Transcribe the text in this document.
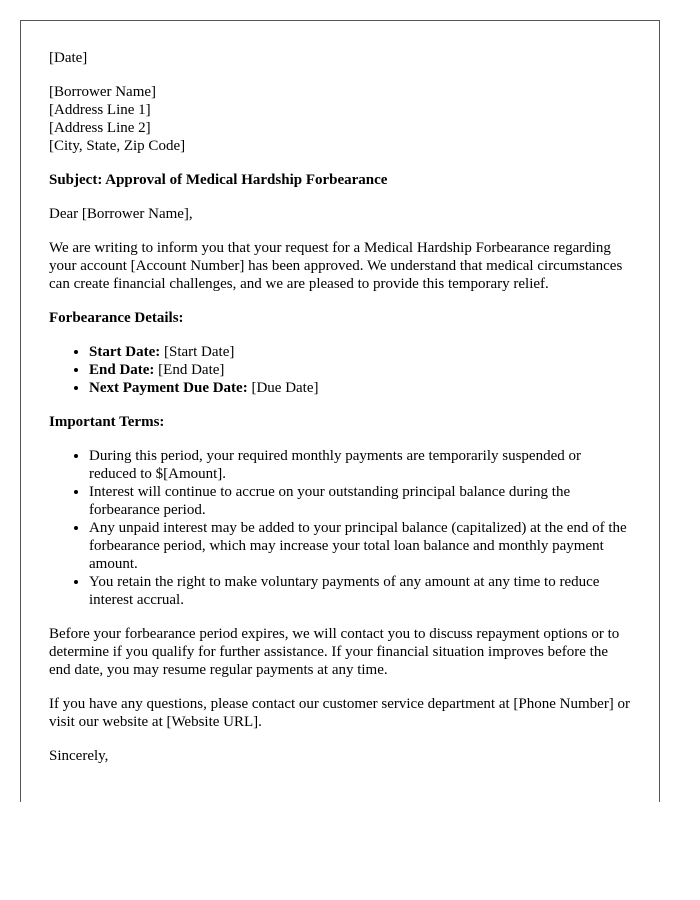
[Date]

[Borrower Name]
[Address Line 1]
[Address Line 2]
[City, State, Zip Code]

Subject: Approval of Medical Hardship Forbearance

Dear [Borrower Name],

We are writing to inform you that your request for a Medical Hardship Forbearance regarding your account [Account Number] has been approved. We understand that medical circumstances can create financial challenges, and we are pleased to provide this temporary relief.

Forbearance Details:

• Start Date: [Start Date]
• End Date: [End Date]
• Next Payment Due Date: [Due Date]

Important Terms:

• During this period, your required monthly payments are temporarily suspended or reduced to $[Amount].
• Interest will continue to accrue on your outstanding principal balance during the forbearance period.
• Any unpaid interest may be added to your principal balance (capitalized) at the end of the forbearance period, which may increase your total loan balance and monthly payment amount.
• You retain the right to make voluntary payments of any amount at any time to reduce interest accrual.

Before your forbearance period expires, we will contact you to discuss repayment options or to determine if you qualify for further assistance. If your financial situation improves before the end date, you may resume regular payments at any time.

If you have any questions, please contact our customer service department at [Phone Number] or visit our website at [Website URL].

Sincerely,
